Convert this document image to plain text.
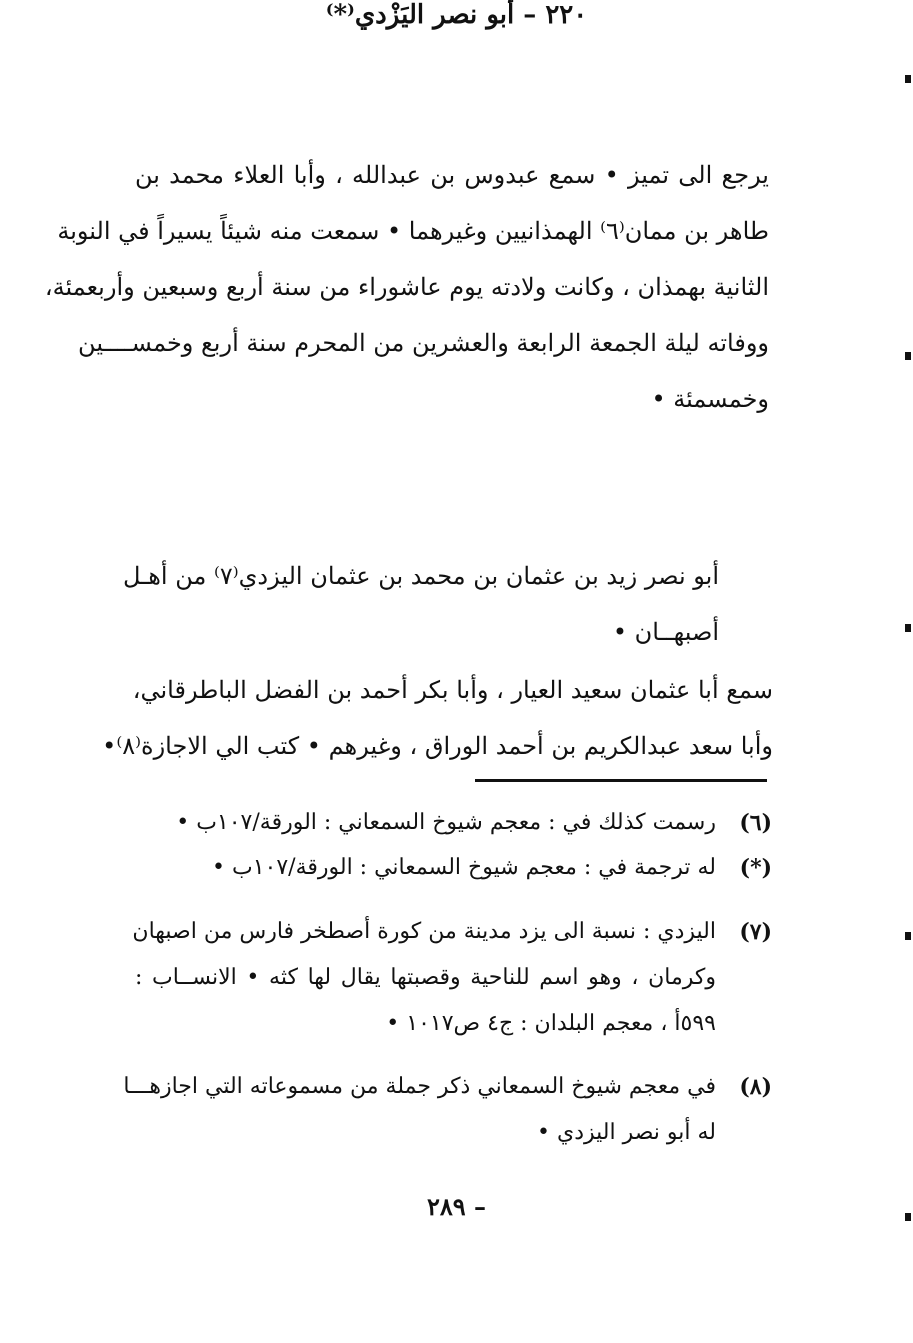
يرجع الى تميز • سمع عبدوس بن عبدالله ، وأبا العلاء محمد بن
طاهر بن ممان⁽٦⁾ الهمذانيين وغيرهما • سمعت منه شيئاً يسيراً في النوبة
الثانية بهمذان ، وكانت ولادته يوم عاشوراء من سنة أربع وسبعين وأربعمئة،
ووفاته ليلة الجمعة الرابعة والعشرين من المحرم سنة أربع وخمســــين
وخمسمئة •
٢٢٠ – أبو نصر اليَزْدي⁽*⁾
أبو نصر زيد بن عثمان بن محمد بن عثمان اليزدي⁽٧⁾ من أهـل
أصبهــان •
سمع أبا عثمان سعيد العيار ، وأبا بكر أحمد بن الفضل الباطرقاني،
وأبا سعد عبدالكريم بن أحمد الوراق ، وغيرهم • كتب الي الاجازة⁽٨⁾•
(٦)
رسمت كذلك في : معجم شيوخ السمعاني : الورقة/١٠٧ب •
(*)
له ترجمة في : معجم شيوخ السمعاني : الورقة/١٠٧ب •
(٧)
اليزدي : نسبة الى يزد مدينة من كورة أصطخر فارس من اصبهان
وكرمان ، وهو اسم للناحية وقصبتها يقال لها كثه • الانســاب :
٥٩٩أ ، معجم البلدان : ج٤ ص١٠١٧ •
(٨)
في معجم شيوخ السمعاني ذكر جملة من مسموعاته التي اجازهـــا
له أبو نصر اليزدي •
– ٢٨٩
